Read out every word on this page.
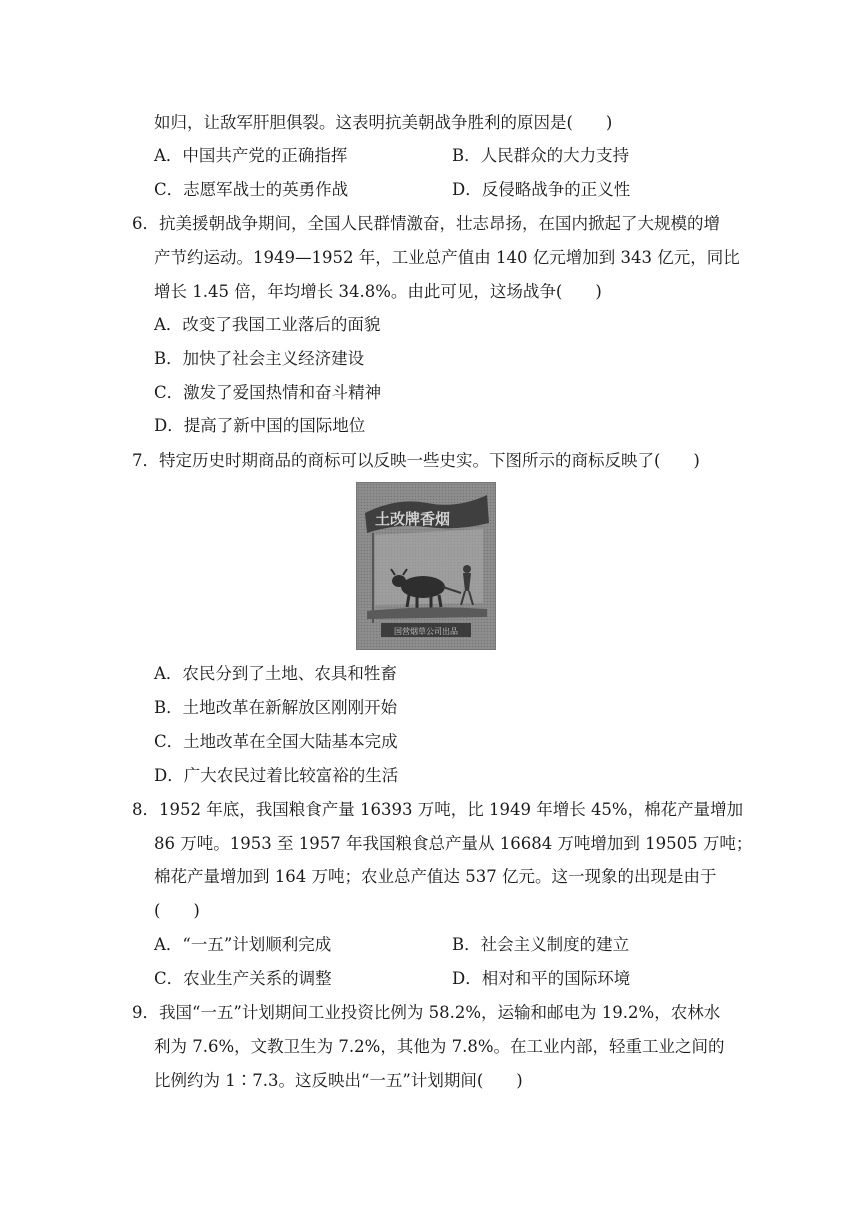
如归，让敌军肝胆俱裂。这表明抗美朝战争胜利的原因是(　　)
A．中国共产党的正确指挥	B．人民群众的大力支持
C．志愿军战士的英勇作战	D．反侵略战争的正义性
6．抗美援朝战争期间，全国人民群情激奋，壮志昂扬，在国内掀起了大规模的增
产节约运动。1949—1952 年，工业总产值由 140 亿元增加到 343 亿元，同比
增长 1.45 倍，年均增长 34.8%。由此可见，这场战争(　　)
A．改变了我国工业落后的面貌
B．加快了社会主义经济建设
C．激发了爱国热情和奋斗精神
D．提高了新中国的国际地位
7．特定历史时期商品的商标可以反映一些史实。下图所示的商标反映了(　　)
土改牌香烟
国营烟草公司出品
A．农民分到了土地、农具和牲畜
B．土地改革在新解放区刚刚开始
C．土地改革在全国大陆基本完成
D．广大农民过着比较富裕的生活
8．1952 年底，我国粮食产量 16393 万吨，比 1949 年增长 45%，棉花产量增加
86 万吨。1953 至 1957 年我国粮食总产量从 16684 万吨增加到 19505 万吨；
棉花产量增加到 164 万吨；农业总产值达 537 亿元。这一现象的出现是由于
(　　)
A．“一五”计划顺利完成	B．社会主义制度的建立
C．农业生产关系的调整	D．相对和平的国际环境
9．我国“一五”计划期间工业投资比例为 58.2%，运输和邮电为 19.2%，农林水
利为 7.6%，文教卫生为 7.2%，其他为 7.8%。在工业内部，轻重工业之间的
比例约为 1∶7.3。这反映出“一五”计划期间(　　)
